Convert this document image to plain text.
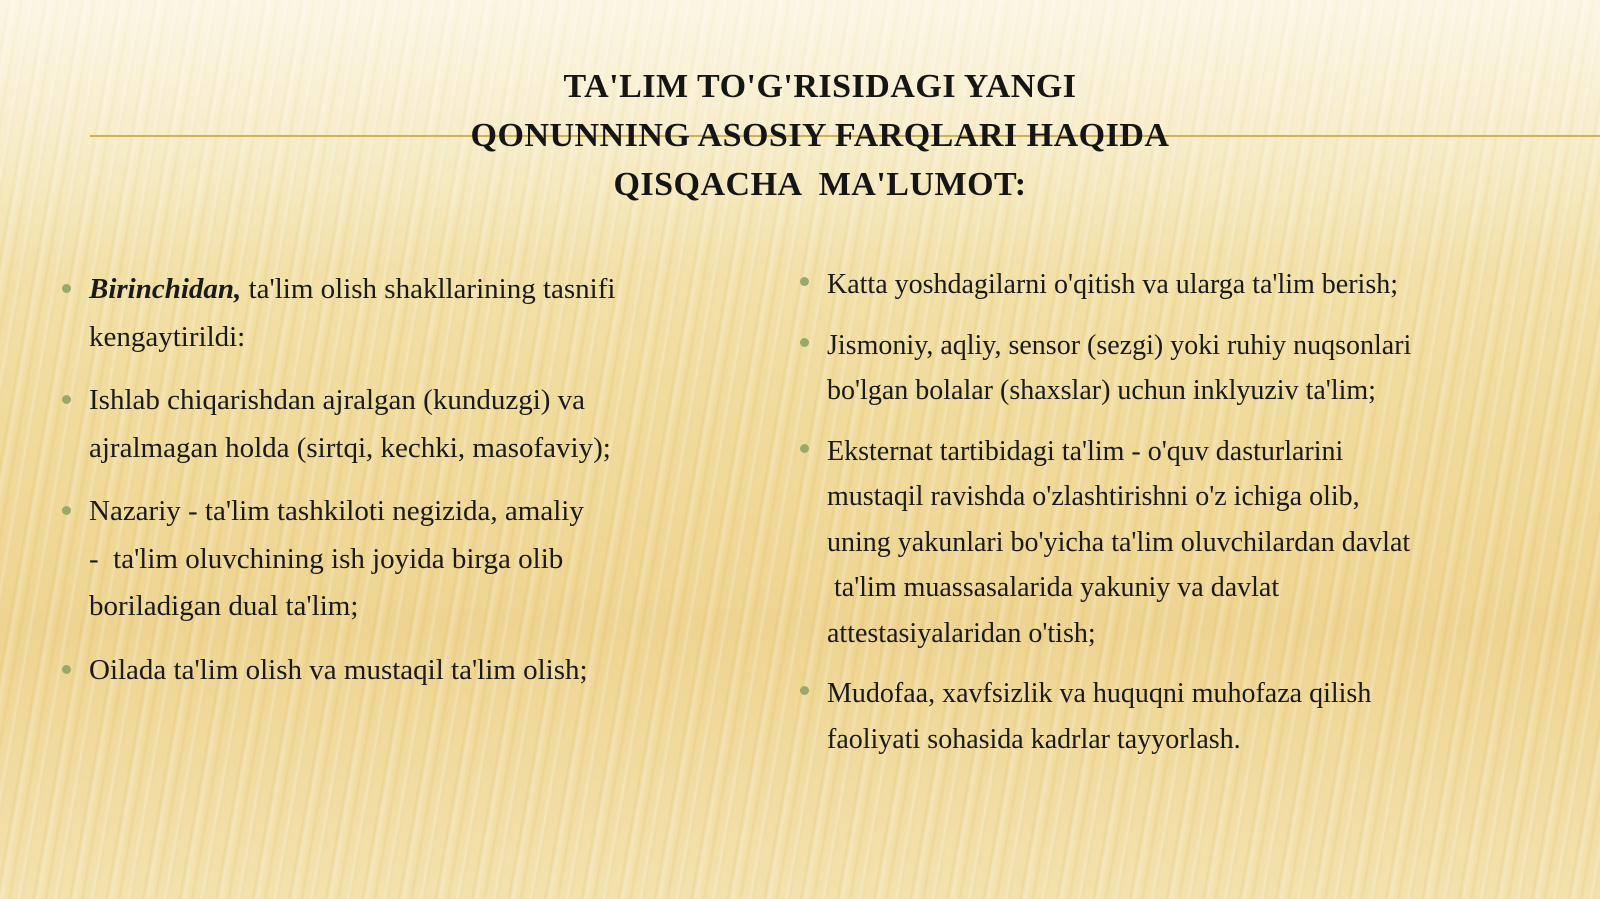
TA'LIM TO'G'RISIDAGI YANGI
QONUNNING ASOSIY FARQLARI HAQIDA
QISQACHA  MA'LUMOT:
Birinchidan, ta'lim olish shakllarining tasnifi
kengaytirildi:
Ishlab chiqarishdan ajralgan (kunduzgi) va
ajralmagan holda (sirtqi, kechki, masofaviy);
Nazariy - ta'lim tashkiloti negizida, amaliy
-  ta'lim oluvchining ish joyida birga olib
boriladigan dual ta'lim;
Oilada ta'lim olish va mustaqil ta'lim olish;
Katta yoshdagilarni o'qitish va ularga ta'lim berish;
Jismoniy, aqliy, sensor (sezgi) yoki ruhiy nuqsonlari
bo'lgan bolalar (shaxslar) uchun inklyuziv ta'lim;
Eksternat tartibidagi ta'lim - o'quv dasturlarini
mustaqil ravishda o'zlashtirishni o'z ichiga olib,
uning yakunlari bo'yicha ta'lim oluvchilardan davlat
ta'lim muassasalarida yakuniy va davlat
attestasiyalaridan o'tish;
Mudofaa, xavfsizlik va huquqni muhofaza qilish
faoliyati sohasida kadrlar tayyorlash.
